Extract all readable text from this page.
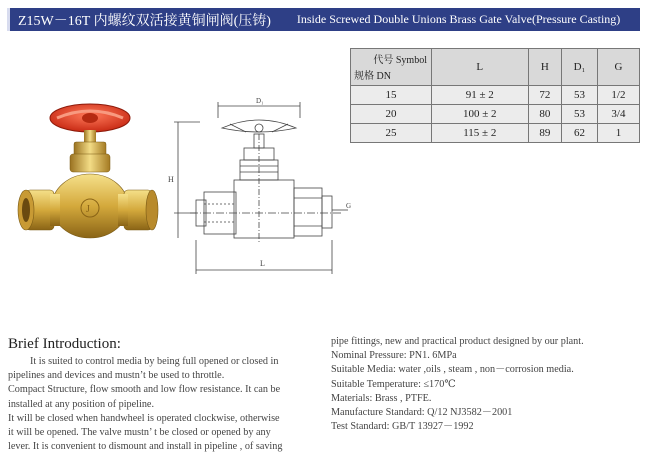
Z15W－16T 内螺纹双活接黄铜闸阀(压铸) Inside Screwed Double Unions Brass Gate Valve(Pressure Casting)
J
D₁
H
G
L
代号 Symbol
规格 DN	L	H	D₁	G
15	91 ± 2	72	53	1/2
20	100 ± 2	80	53	3/4
25	115 ± 2	89	62	1
Brief Introduction:

It is suited to control media by being full opened or closed in

pipelines and devices and mustn’t be used to throttle.

Compact Structure, flow smooth and low flow resistance. It can be

installed at any position of pipeline.

It will be closed when handwheel is operated clockwise, otherwise

it will be opened. The valve mustn’ t be closed or opened by any

lever. It is convenient to dismount and install in pipeline , of saving

pipe fittings, new and practical product designed by our plant.

Nominal Pressure: PN1. 6MPa

Suitable Media: water ,oils , steam , non－corrosion media.

Suitable Temperature: ≤170℃

Materials: Brass , PTFE.

Manufacture Standard: Q/12 NJ3582－2001

Test Standard: GB/T 13927－1992
